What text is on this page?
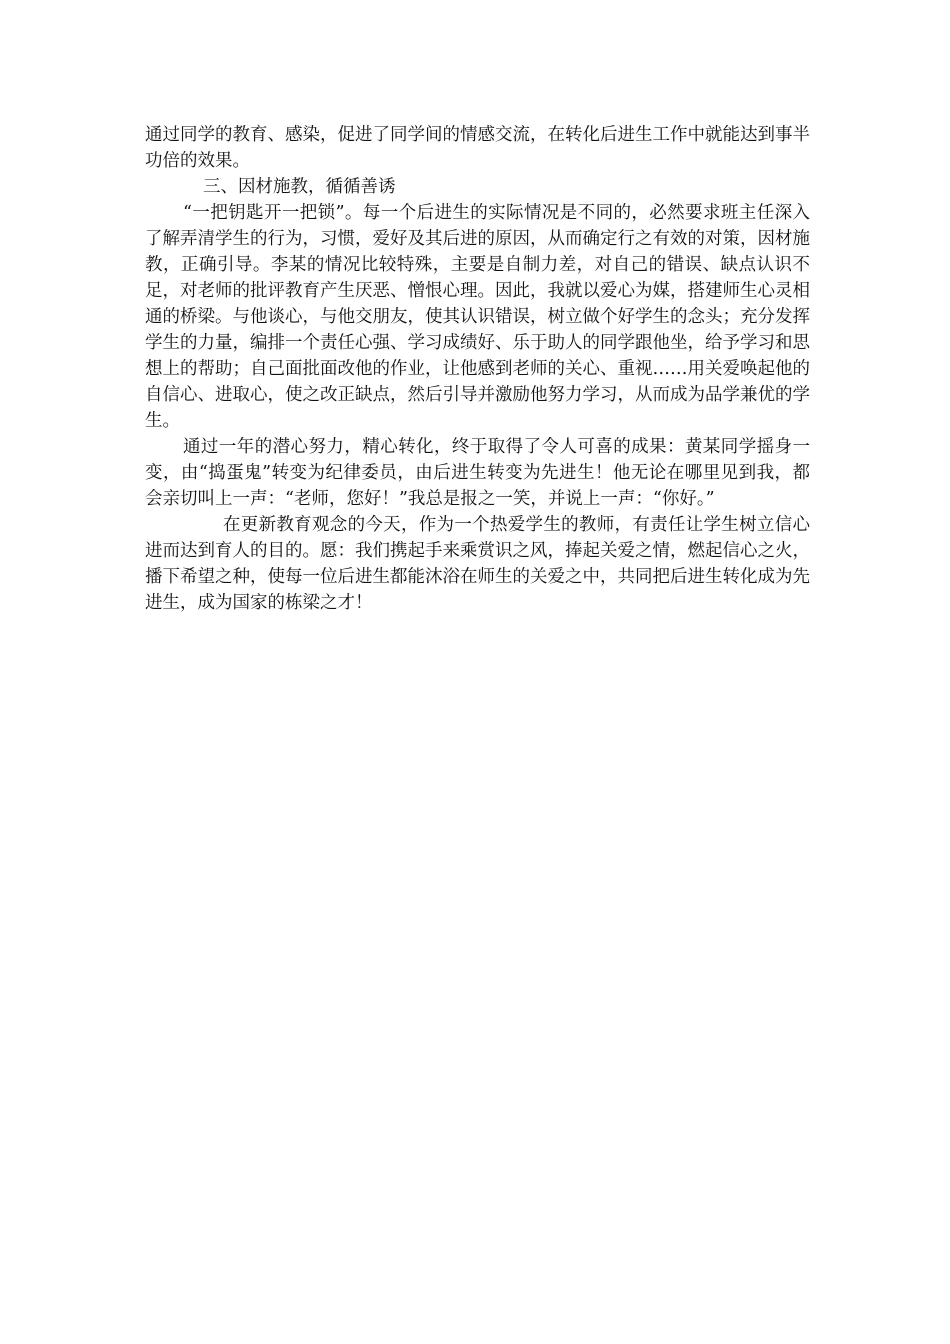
通过同学的教育、感染，促进了同学间的情感交流，在转化后进生工作中就能达到事半功倍的效果。

三、因材施教，循循善诱

“一把钥匙开一把锁”。每一个后进生的实际情况是不同的，必然要求班主任深入了解弄清学生的行为，习惯，爱好及其后进的原因，从而确定行之有效的对策，因材施教，正确引导。李某的情况比较特殊，主要是自制力差，对自己的错误、缺点认识不足，对老师的批评教育产生厌恶、憎恨心理。因此，我就以爱心为媒，搭建师生心灵相通的桥梁。与他谈心，与他交朋友，使其认识错误，树立做个好学生的念头；充分发挥学生的力量，编排一个责任心强、学习成绩好、乐于助人的同学跟他坐，给予学习和思想上的帮助；自己面批面改他的作业，让他感到老师的关心、重视……用关爱唤起他的自信心、进取心，使之改正缺点，然后引导并激励他努力学习，从而成为品学兼优的学生。

通过一年的潜心努力，精心转化，终于取得了令人可喜的成果：黄某同学摇身一变，由“捣蛋鬼”转变为纪律委员，由后进生转变为先进生！他无论在哪里见到我，都会亲切叫上一声：“老师，您好！”我总是报之一笑，并说上一声：“你好。”

在更新教育观念的今天，作为一个热爱学生的教师，有责任让学生树立信心进而达到育人的目的。愿：我们携起手来乘赏识之风，捧起关爱之情，燃起信心之火，播下希望之种，使每一位后进生都能沐浴在师生的关爱之中，共同把后进生转化成为先进生，成为国家的栋梁之才！
